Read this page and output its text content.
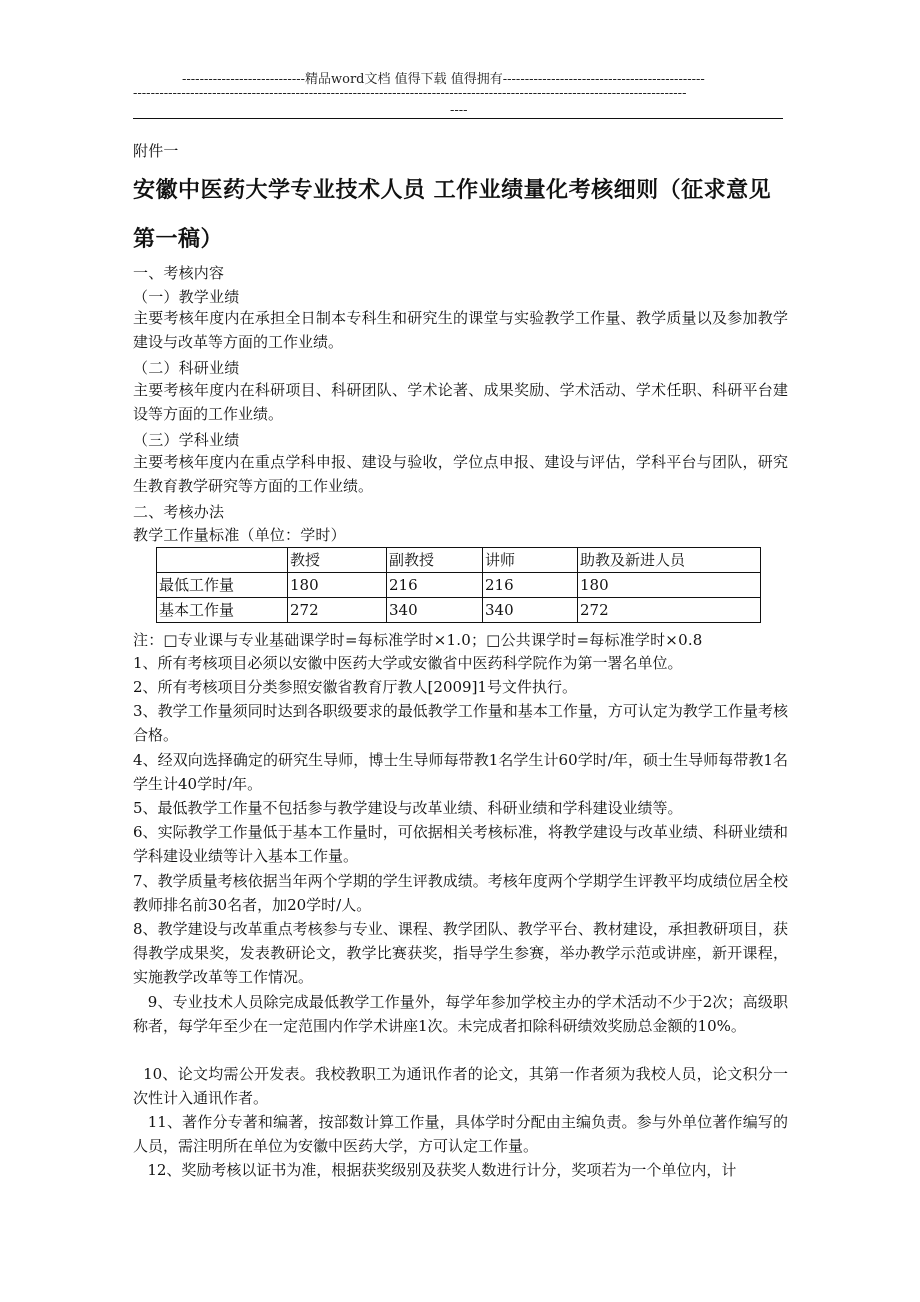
----------------------------精品word文档 值得下载 值得拥有----------------------------------------------
------------------------------------------------------------------------------------------------------------------------------
----
附件一
安徽中医药大学专业技术人员 工作业绩量化考核细则（征求意见
第一稿）
一、考核内容
（一）教学业绩
主要考核年度内在承担全日制本专科生和研究生的课堂与实验教学工作量、教学质量以及参加教学建设与改革等方面的工作业绩。
（二）科研业绩
主要考核年度内在科研项目、科研团队、学术论著、成果奖励、学术活动、学术任职、科研平台建设等方面的工作业绩。
（三）学科业绩
主要考核年度内在重点学科申报、建设与验收，学位点申报、建设与评估，学科平台与团队，研究生教育教学研究等方面的工作业绩。
二、考核办法
教学工作量标准（单位：学时）
	教授	副教授	讲师	助教及新进人员
最低工作量	180	216	216	180
基本工作量	272	340	340	272
注：□专业课与专业基础课学时=每标准学时×1.0；□公共课学时=每标准学时×0.8
1、所有考核项目必须以安徽中医药大学或安徽省中医药科学院作为第一署名单位。
2、所有考核项目分类参照安徽省教育厅教人[2009]1号文件执行。
3、教学工作量须同时达到各职级要求的最低教学工作量和基本工作量，方可认定为教学工作量考核合格。
4、经双向选择确定的研究生导师，博士生导师每带教1名学生计60学时/年，硕士生导师每带教1名学生计40学时/年。
5、最低教学工作量不包括参与教学建设与改革业绩、科研业绩和学科建设业绩等。
6、实际教学工作量低于基本工作量时，可依据相关考核标准，将教学建设与改革业绩、科研业绩和学科建设业绩等计入基本工作量。
7、教学质量考核依据当年两个学期的学生评教成绩。考核年度两个学期学生评教平均成绩位居全校教师排名前30名者，加20学时/人。
8、教学建设与改革重点考核参与专业、课程、教学团队、教学平台、教材建设，承担教研项目，获得教学成果奖，发表教研论文，教学比赛获奖，指导学生参赛，举办教学示范或讲座，新开课程，实施教学改革等工作情况。
9、专业技术人员除完成最低教学工作量外，每学年参加学校主办的学术活动不少于2次；高级职称者，每学年至少在一定范围内作学术讲座1次。未完成者扣除科研绩效奖励总金额的10%。
10、论文均需公开发表。我校教职工为通讯作者的论文，其第一作者须为我校人员，论文积分一次性计入通讯作者。
11、著作分专著和编著，按部数计算工作量，具体学时分配由主编负责。参与外单位著作编写的人员，需注明所在单位为安徽中医药大学，方可认定工作量。
12、奖励考核以证书为准，根据获奖级别及获奖人数进行计分，奖项若为一个单位内，计
